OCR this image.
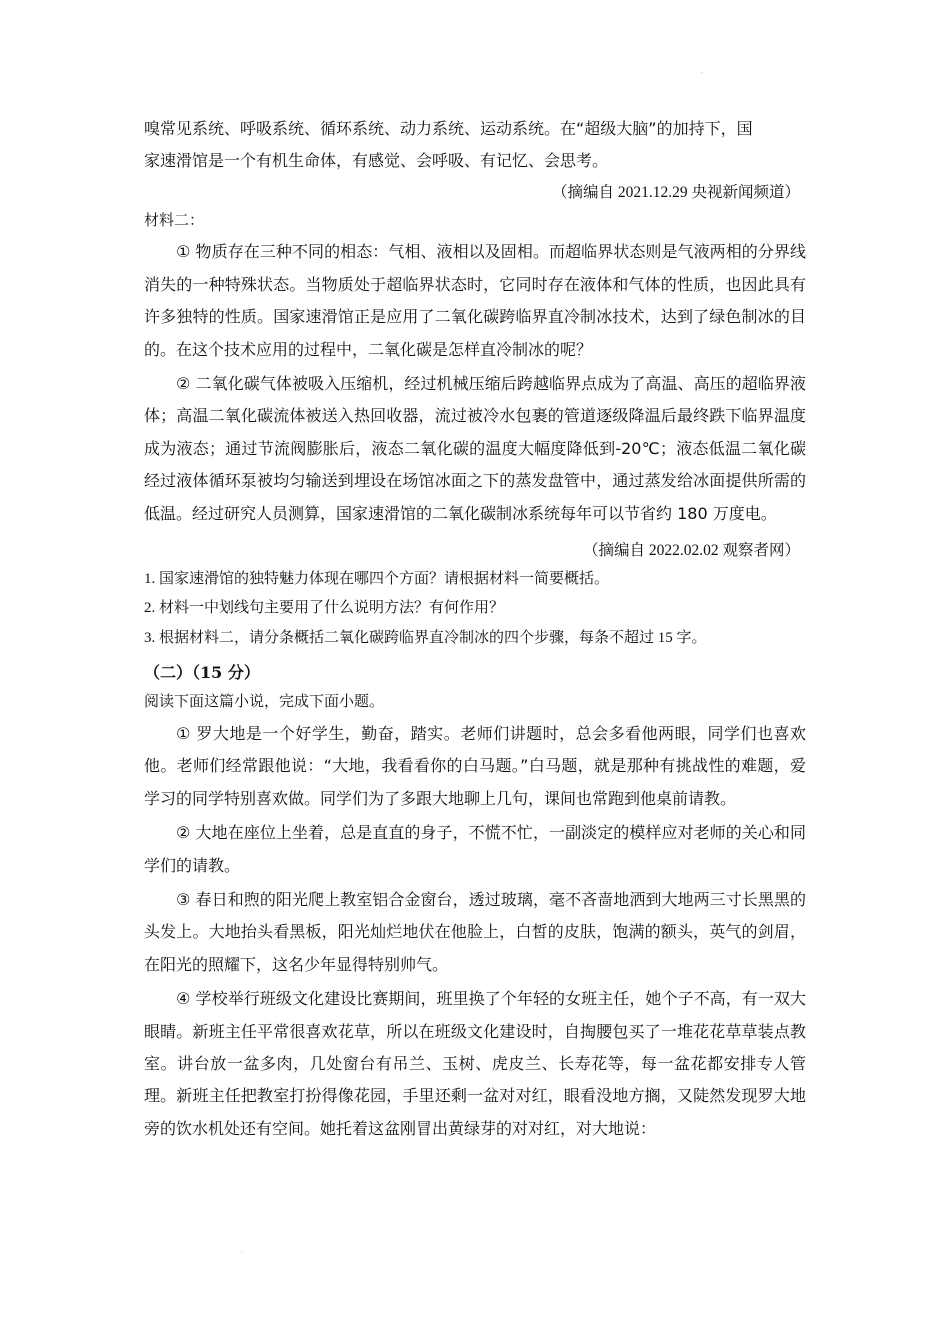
·

嗅常见系统、呼吸系统、循环系统、动力系统、运动系统。在“超级大脑”的加持下，国

家速滑馆是一个有机生命体，有感觉、会呼吸、有记忆、会思考。

（摘编自 2021.12.29 央视新闻频道）

材料二：

① 物质存在三种不同的相态：气相、液相以及固相。而超临界状态则是气液两相的分界线消失的一种特殊状态。当物质处于超临界状态时，它同时存在液体和气体的性质，也因此具有许多独特的性质。国家速滑馆正是应用了二氧化碳跨临界直冷制冰技术，达到了绿色制冰的目的。在这个技术应用的过程中，二氧化碳是怎样直冷制冰的呢？

② 二氧化碳气体被吸入压缩机，经过机械压缩后跨越临界点成为了高温、高压的超临界液体；高温二氧化碳流体被送入热回收器，流过被冷水包裹的管道逐级降温后最终跌下临界温度成为液态；通过节流阀膨胀后，液态二氧化碳的温度大幅度降低到-20℃；液态低温二氧化碳经过液体循环泵被均匀输送到埋设在场馆冰面之下的蒸发盘管中，通过蒸发给冰面提供所需的低温。经过研究人员测算，国家速滑馆的二氧化碳制冰系统每年可以节省约 180 万度电。

（摘编自 2022.02.02 观察者网）

1. 国家速滑馆的独特魅力体现在哪四个方面？请根据材料一简要概括。

2. 材料一中划线句主要用了什么说明方法？有何作用？

3. 根据材料二，请分条概括二氧化碳跨临界直冷制冰的四个步骤，每条不超过 15 字。

（二）（15 分）

阅读下面这篇小说，完成下面小题。

① 罗大地是一个好学生，勤奋，踏实。老师们讲题时，总会多看他两眼，同学们也喜欢他。老师们经常跟他说：“大地，我看看你的白马题。”白马题，就是那种有挑战性的难题，爱学习的同学特别喜欢做。同学们为了多跟大地聊上几句，课间也常跑到他桌前请教。

② 大地在座位上坐着，总是直直的身子，不慌不忙，一副淡定的模样应对老师的关心和同学们的请教。

③ 春日和煦的阳光爬上教室铝合金窗台，透过玻璃，毫不吝啬地洒到大地两三寸长黑黑的头发上。大地抬头看黑板，阳光灿烂地伏在他脸上，白皙的皮肤，饱满的额头，英气的剑眉，在阳光的照耀下，这名少年显得特别帅气。

④ 学校举行班级文化建设比赛期间，班里换了个年轻的女班主任，她个子不高，有一双大眼睛。新班主任平常很喜欢花草，所以在班级文化建设时，自掏腰包买了一堆花花草草装点教室。讲台放一盆多肉，几处窗台有吊兰、玉树、虎皮兰、长寿花等，每一盆花都安排专人管理。新班主任把教室打扮得像花园，手里还剩一盆对对红，眼看没地方搁，又陡然发现罗大地旁的饮水机处还有空间。她托着这盆刚冒出黄绿芽的对对红，对大地说：

·
